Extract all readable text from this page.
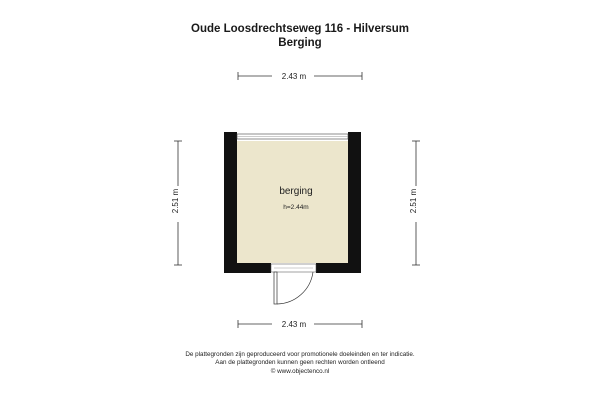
Oude Loosdrechtseweg 116 - Hilversum
Berging
2.43 m
2.43 m
2.51 m	2.51 m
berging
h=2.44m
De plattegronden zijn geproduceerd voor promotionele doeleinden en ter indicatie.
Aan de plattegronden kunnen geen rechten worden ontleend
© www.objectenco.nl
